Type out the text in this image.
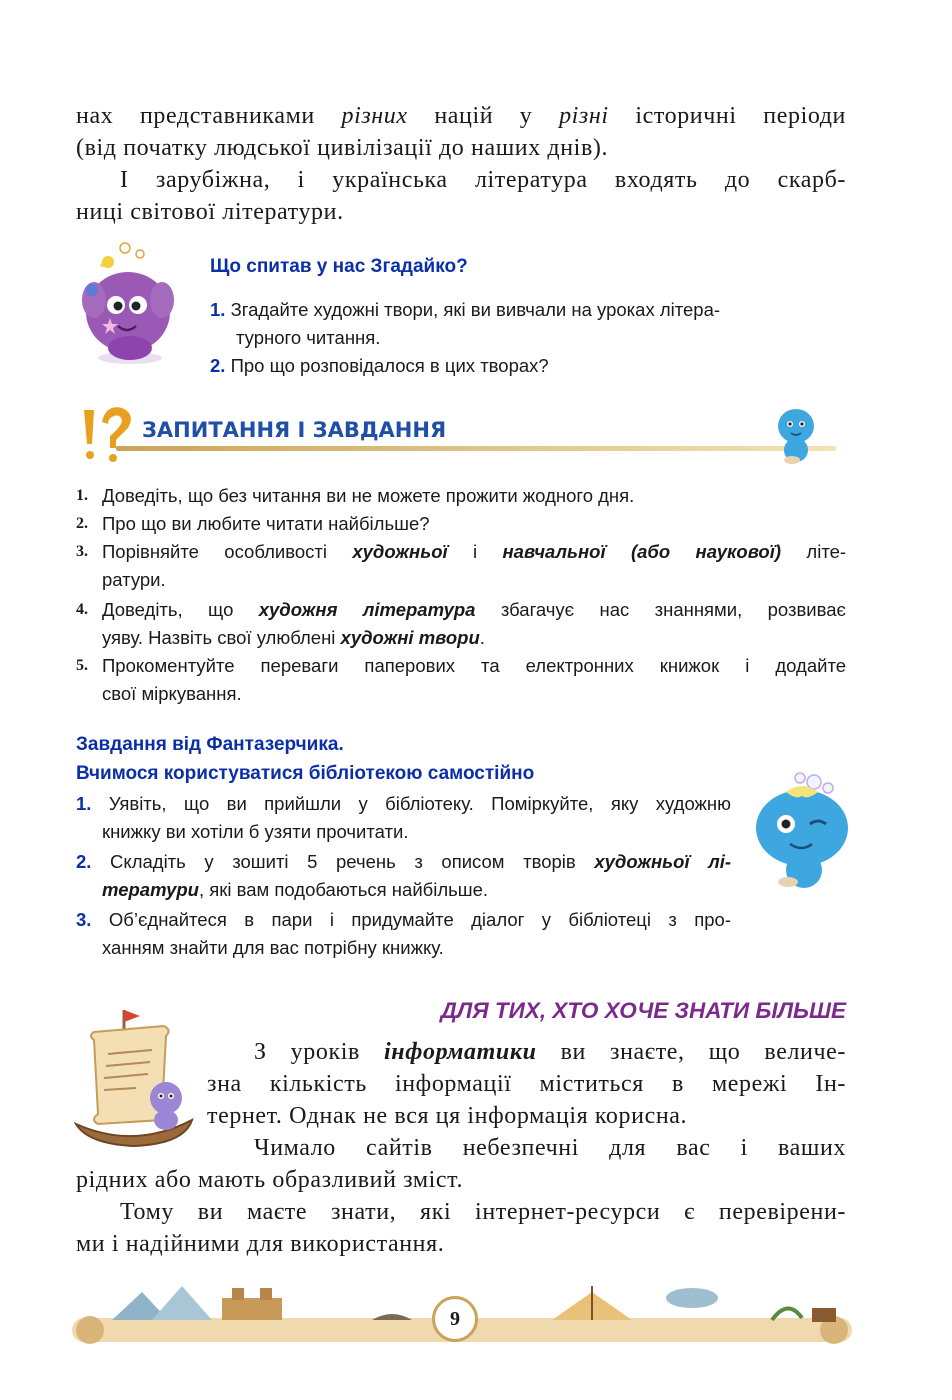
нах представниками різних націй у різні історичні періоди
(від початку людської цивілізації до наших днів).
І зарубіжна, і українська література входять до скарб-
ниці світової літератури.
Що спитав у нас Згадайко?
1. Згадайте художні твори, які ви вивчали на уроках літера-
турного читання.
2. Про що розповідалося в цих творах?
ЗАПИТАННЯ І ЗАВДАННЯ
1. Доведіть, що без читання ви не можете прожити жодного дня.
2. Про що ви любите читати найбільше?
3. Порівняйте особливості художньої і навчальної (або наукової) літе-
ратури.
4. Доведіть, що художня література збагачує нас знаннями, розвиває
уяву. Назвіть свої улюблені художні твори.
5. Прокоментуйте переваги паперових та електронних книжок і додайте
свої міркування.
Завдання від Фантазерчика.
Вчимося користуватися бібліотекою самостійно
1. Уявіть, що ви прийшли у бібліотеку. Поміркуйте, яку художню
книжку ви хотіли б узяти прочитати.
2. Складіть у зошиті 5 речень з описом творів художньої лі-
тератури, які вам подобаються найбільше.
3. Об’єднайтеся в пари і придумайте діалог у бібліотеці з про-
ханням знайти для вас потрібну книжку.
ДЛЯ ТИХ, ХТО ХОЧЕ ЗНАТИ БІЛЬШЕ
З уроків інформатики ви знаєте, що величе-
зна кількість інформації міститься в мережі Ін-
тернет. Однак не вся ця інформація корисна.
Чимало сайтів небезпечні для вас і ваших
рідних або мають образливий зміст.
Тому ви маєте знати, які інтернет-ресурси є перевірени-
ми і надійними для використання.
9
